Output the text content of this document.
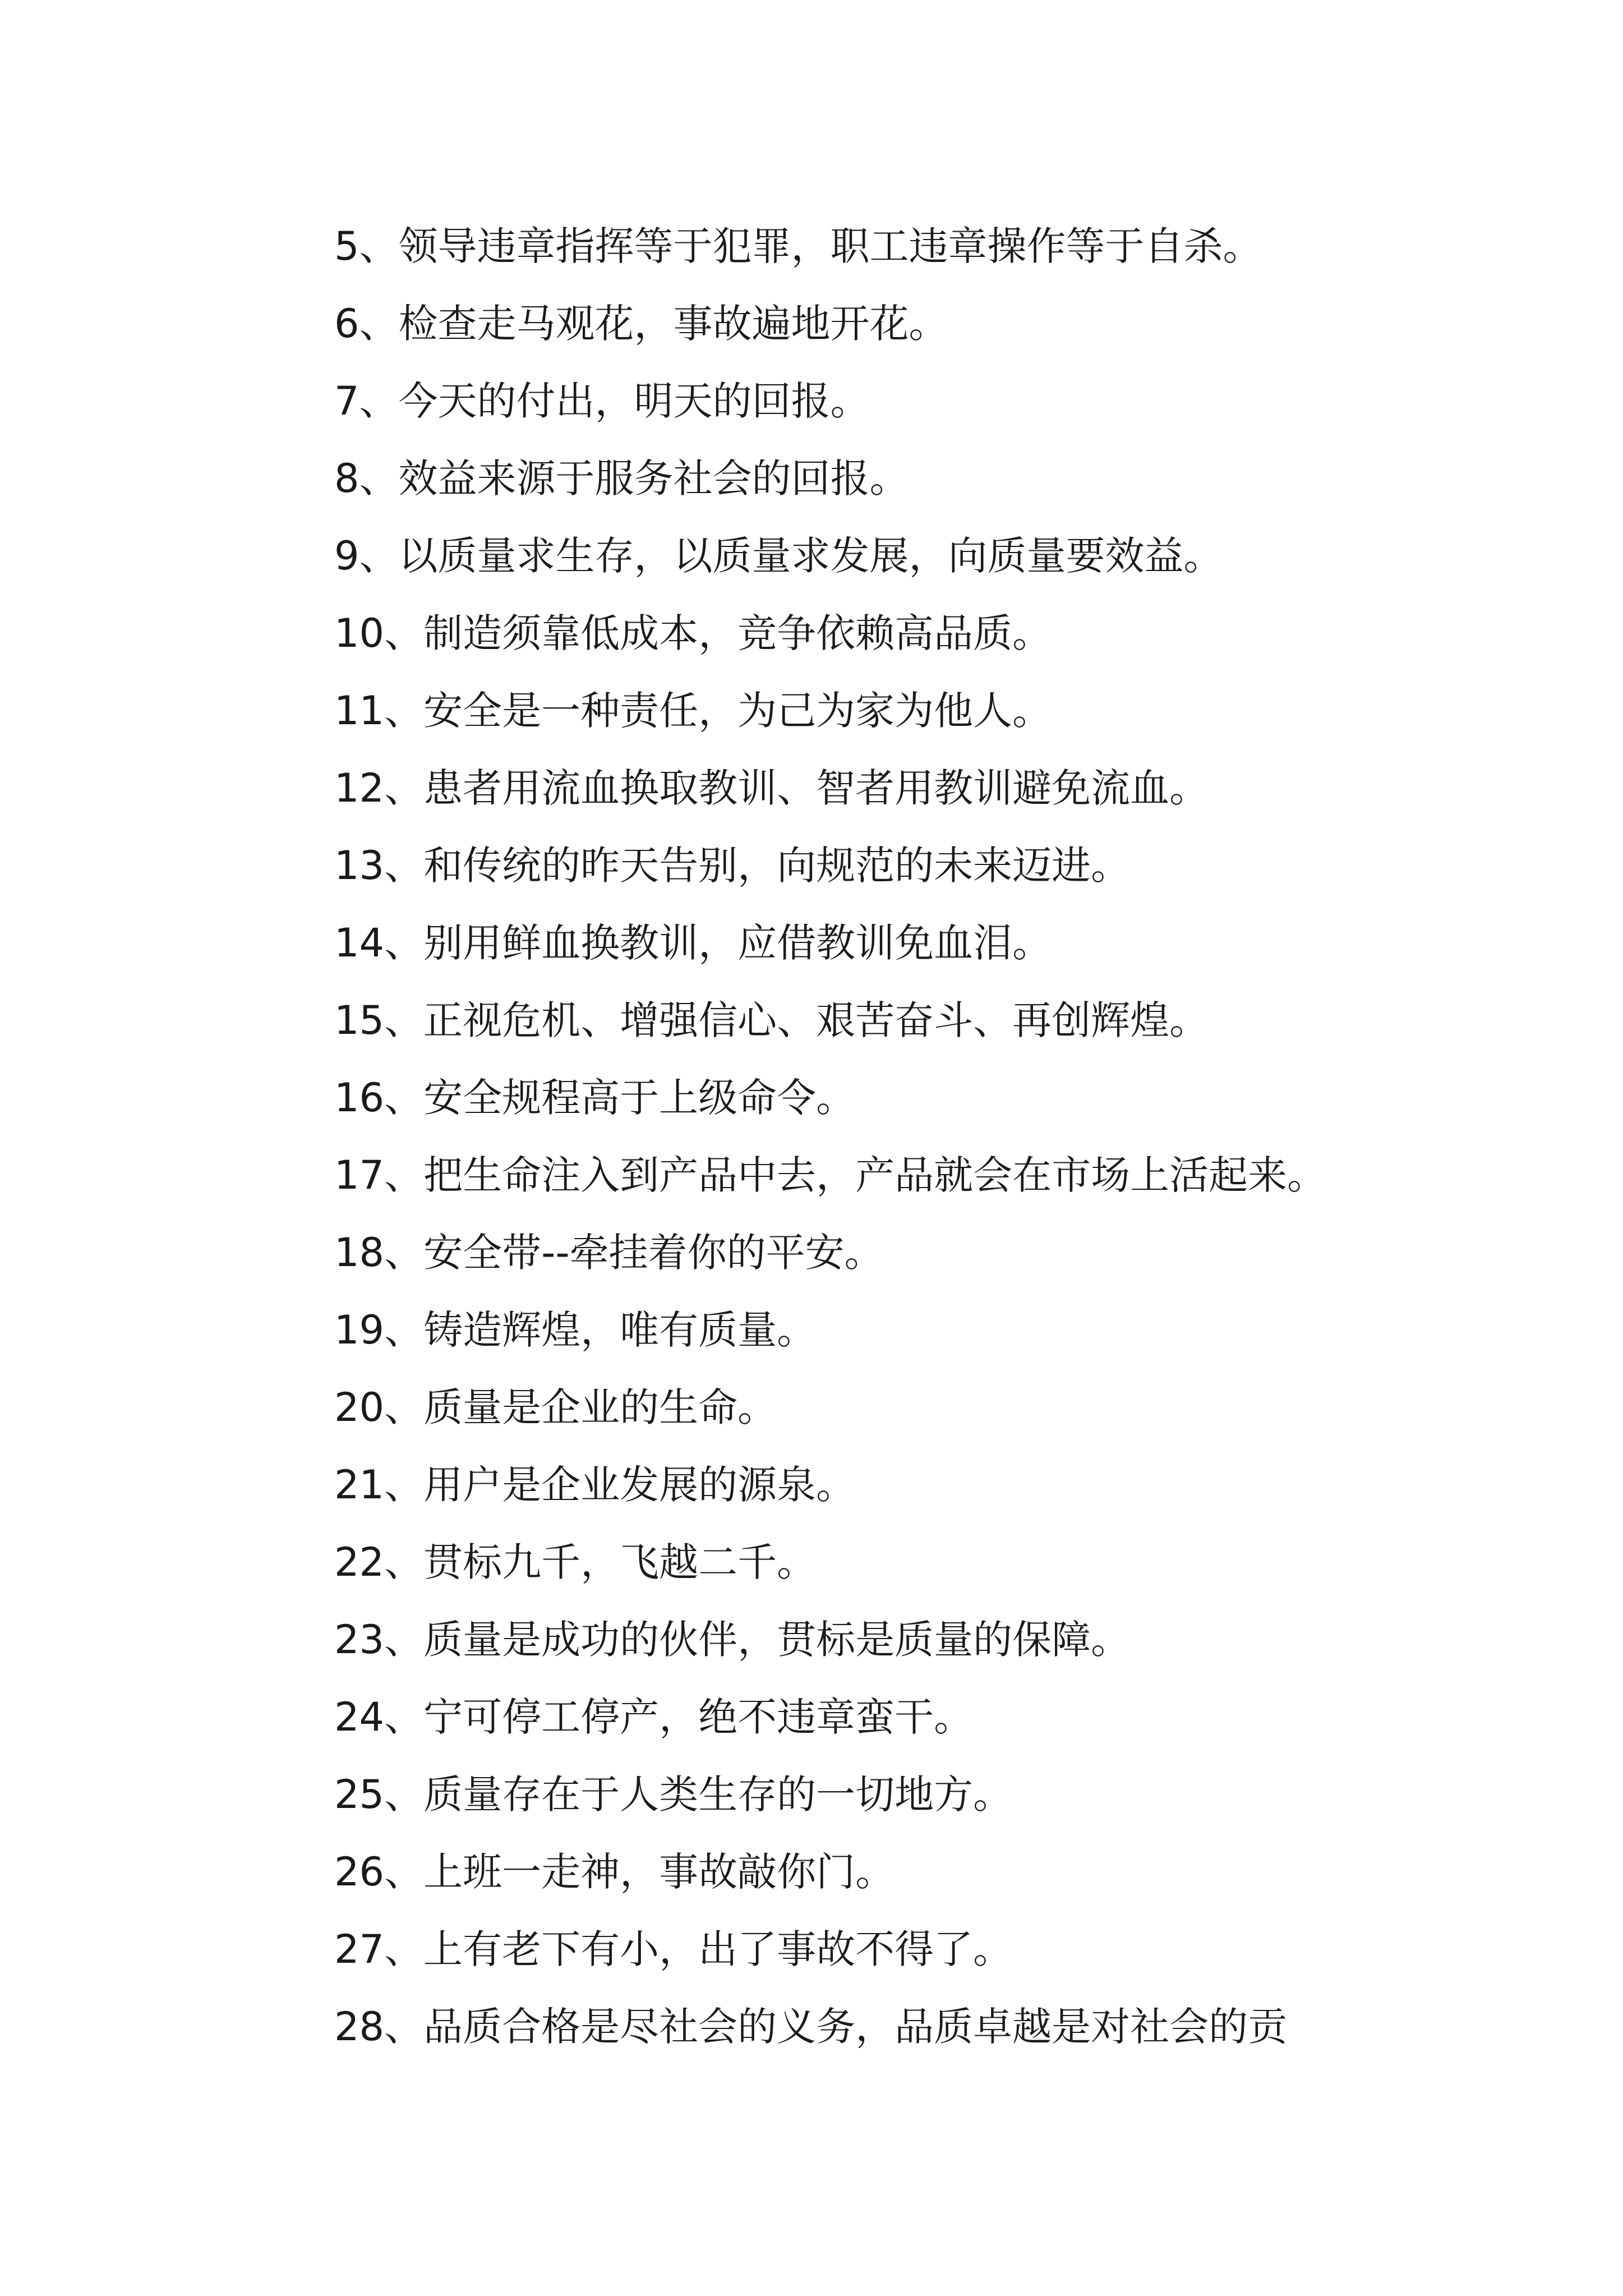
5、领导违章指挥等于犯罪，职工违章操作等于自杀。
6、检查走马观花，事故遍地开花。
7、今天的付出，明天的回报。
8、效益来源于服务社会的回报。
9、以质量求生存，以质量求发展，向质量要效益。
10、制造须靠低成本，竞争依赖高品质。
11、安全是一种责任，为己为家为他人。
12、患者用流血换取教训、智者用教训避免流血。
13、和传统的昨天告别，向规范的未来迈进。
14、别用鲜血换教训，应借教训免血泪。
15、正视危机、增强信心、艰苦奋斗、再创辉煌。
16、安全规程高于上级命令。
17、把生命注入到产品中去，产品就会在市场上活起来。
18、安全带--牵挂着你的平安。
19、铸造辉煌，唯有质量。
20、质量是企业的生命。
21、用户是企业发展的源泉。
22、贯标九千，飞越二千。
23、质量是成功的伙伴，贯标是质量的保障。
24、宁可停工停产，绝不违章蛮干。
25、质量存在于人类生存的一切地方。
26、上班一走神，事故敲你门。
27、上有老下有小，出了事故不得了。
28、品质合格是尽社会的义务，品质卓越是对社会的贡
